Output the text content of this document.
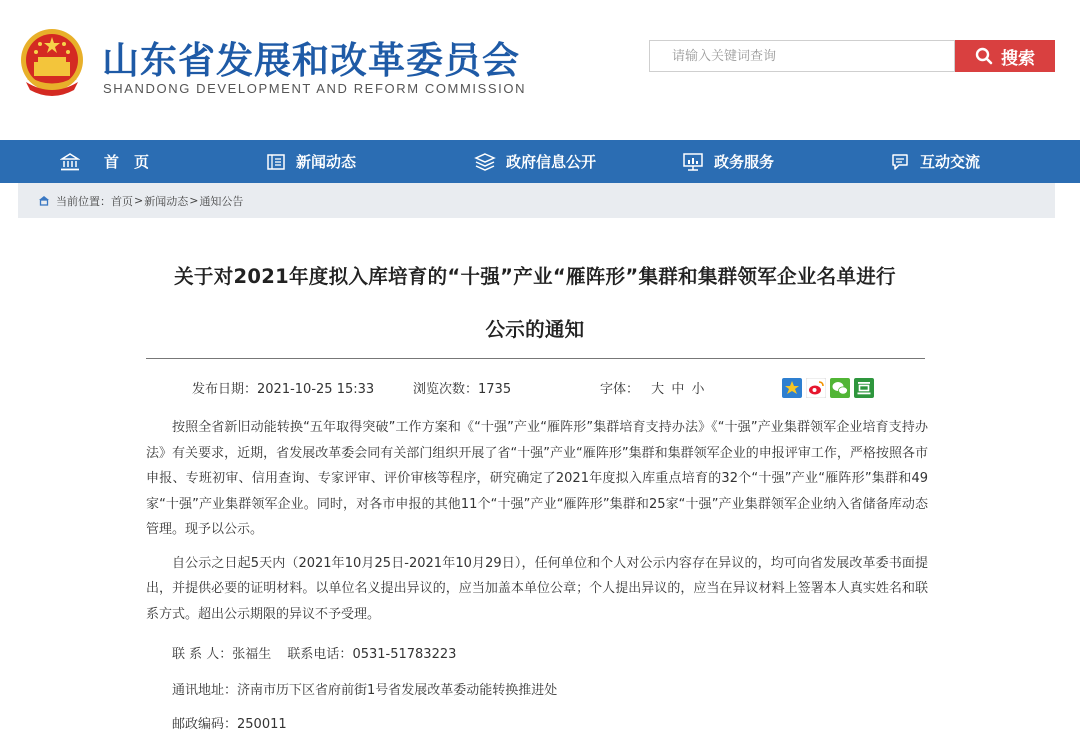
山东省发展和改革委员会
SHANDONG DEVELOPMENT AND REFORM COMMISSION
请输入关键词查询
搜索
首　页	新闻动态	政府信息公开	政务服务	互动交流
当前位置： 首页 > 新闻动态 > 通知公告
关于对2021年度拟入库培育的“十强”产业“雁阵形”集群和集群领军企业名单进行
公示的通知
发布日期：2021-10-25 15:33	浏览次数：1735	字体： 大 中 小

按照全省新旧动能转换“五年取得突破”工作方案和《“十强”产业“雁阵形”集群培育支持办法》《“十强”产业集群领军企业培育支持办法》有关要求，近期，省发展改革委会同有关部门组织开展了省“十强”产业“雁阵形”集群和集群领军企业的申报评审工作，严格按照各市申报、专班初审、信用查询、专家评审、评价审核等程序，研究确定了2021年度拟入库重点培育的32个“十强”产业“雁阵形”集群和49家“十强”产业集群领军企业。同时，对各市申报的其他11个“十强”产业“雁阵形”集群和25家“十强”产业集群领军企业纳入省储备库动态管理。现予以公示。

自公示之日起5天内（2021年10月25日-2021年10月29日），任何单位和个人对公示内容存在异议的，均可向省发展改革委书面提出，并提供必要的证明材料。以单位名义提出异议的，应当加盖本单位公章；个人提出异议的，应当在异议材料上签署本人真实姓名和联系方式。超出公示期限的异议不予受理。

联 系 人：张福生 联系电话：0531-51783223
通讯地址：济南市历下区省府前街1号省发展改革委动能转换推进处
邮政编码：250011
